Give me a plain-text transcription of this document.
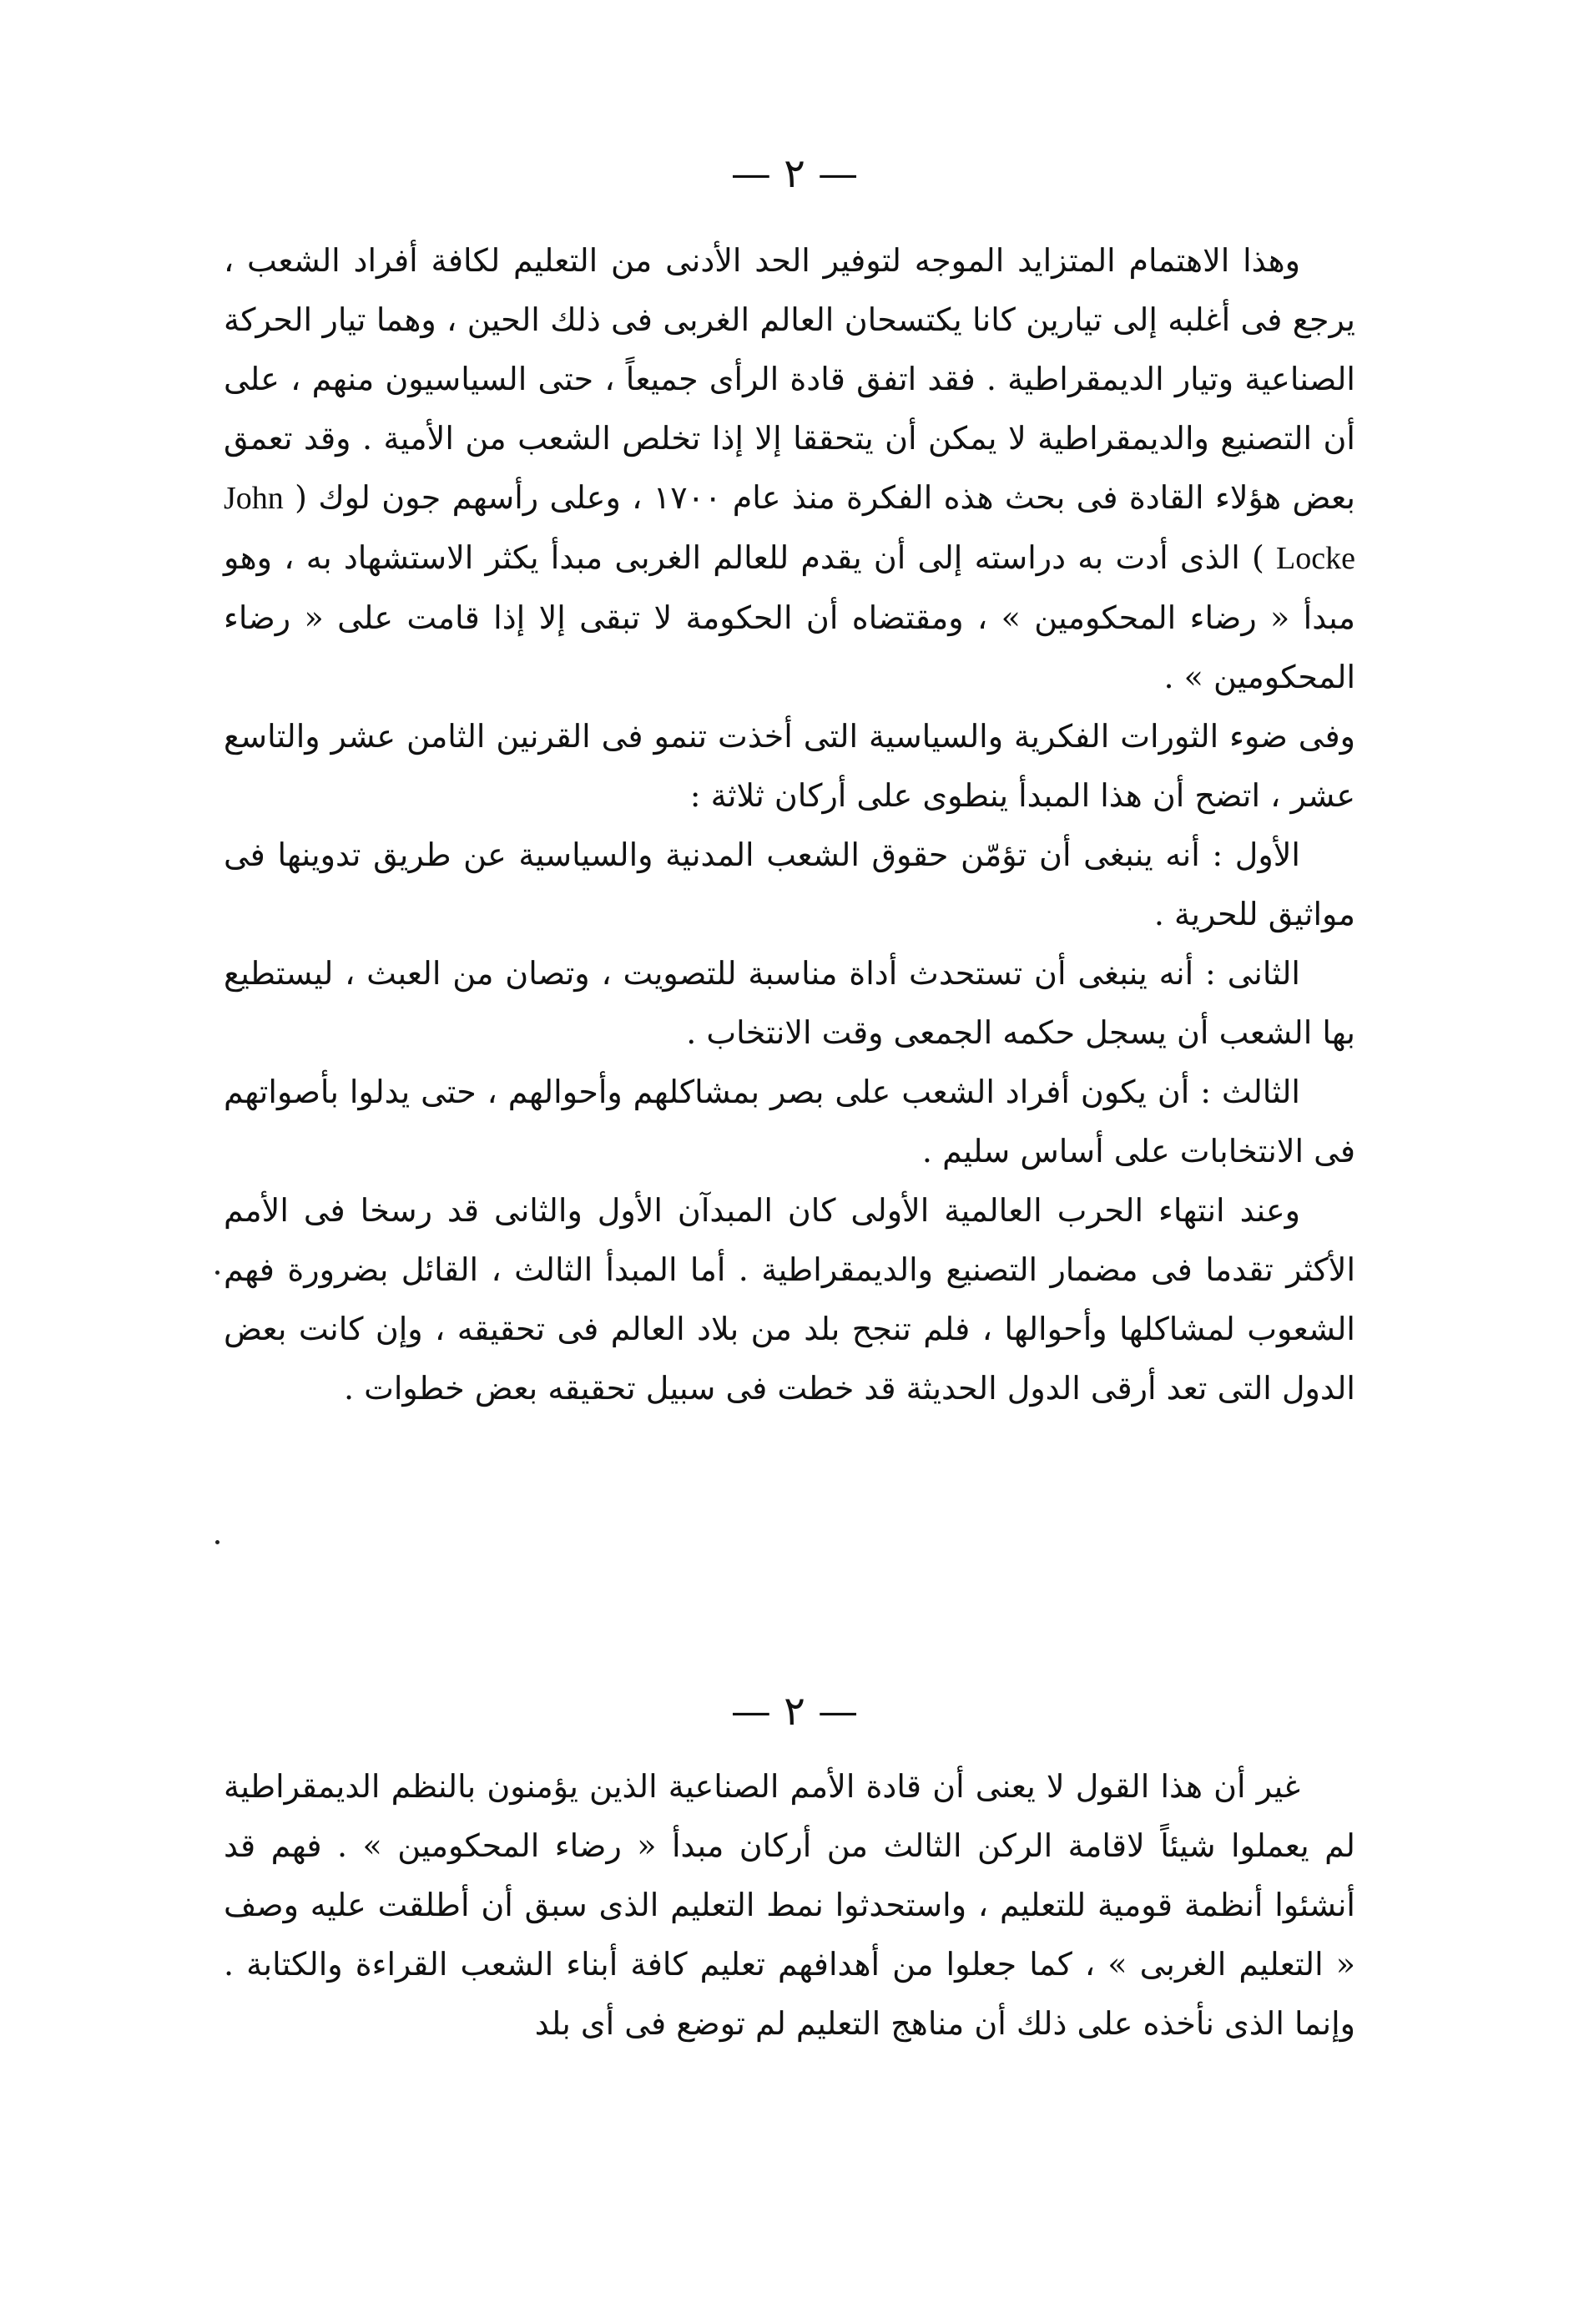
— ٢ —

وهذا الاهتمام المتزايد الموجه لتوفير الحد الأدنى من التعليم لكافة أفراد الشعب ، يرجع فى أغلبه إلى تيارين كانا يكتسحان العالم الغربى فى ذلك الحين ، وهما تيار الحركة الصناعية وتيار الديمقراطية . فقد اتفق قادة الرأى جميعاً ، حتى السياسيون منهم ، على أن التصنيع والديمقراطية لا يمكن أن يتحققا إلا إذا تخلص الشعب من الأمية . وقد تعمق بعض هؤلاء القادة فى بحث هذه الفكرة منذ عام ١٧٠٠ ، وعلى رأسهم جون لوك ( John Locke ) الذى أدت به دراسته إلى أن يقدم للعالم الغربى مبدأ يكثر الاستشهاد به ، وهو مبدأ « رضاء المحكومين » ، ومقتضاه أن الحكومة لا تبقى إلا إذا قامت على « رضاء المحكومين » .

وفى ضوء الثورات الفكرية والسياسية التى أخذت تنمو فى القرنين الثامن عشر والتاسع عشر ، اتضح أن هذا المبدأ ينطوى على أركان ثلاثة :

الأول : أنه ينبغى أن تؤمّن حقوق الشعب المدنية والسياسية عن طريق تدوينها فى مواثيق للحرية .

الثانى : أنه ينبغى أن تستحدث أداة مناسبة للتصويت ، وتصان من العبث ، ليستطيع بها الشعب أن يسجل حكمه الجمعى وقت الانتخاب .

الثالث : أن يكون أفراد الشعب على بصر بمشاكلهم وأحوالهم ، حتى يدلوا بأصواتهم فى الانتخابات على أساس سليم .

وعند انتهاء الحرب العالمية الأولى كان المبدآن الأول والثانى قد رسخا فى الأمم الأكثر تقدما فى مضمار التصنيع والديمقراطية . أما المبدأ الثالث ، القائل بضرورة فهم الشعوب لمشاكلها وأحوالها ، فلم تنجح بلد من بلاد العالم فى تحقيقه ، وإن كانت بعض الدول التى تعد أرقى الدول الحديثة قد خطت فى سبيل تحقيقه بعض خطوات .

— ٢ —

غير أن هذا القول لا يعنى أن قادة الأمم الصناعية الذين يؤمنون بالنظم الديمقراطية لم يعملوا شيئاً لاقامة الركن الثالث من أركان مبدأ « رضاء المحكومين » . فهم قد أنشئوا أنظمة قومية للتعليم ، واستحدثوا نمط التعليم الذى سبق أن أطلقت عليه وصف « التعليم الغربى » ، كما جعلوا من أهدافهم تعليم كافة أبناء الشعب القراءة والكتابة . وإنما الذى نأخذه على ذلك أن مناهج التعليم لم توضع فى أى بلد
